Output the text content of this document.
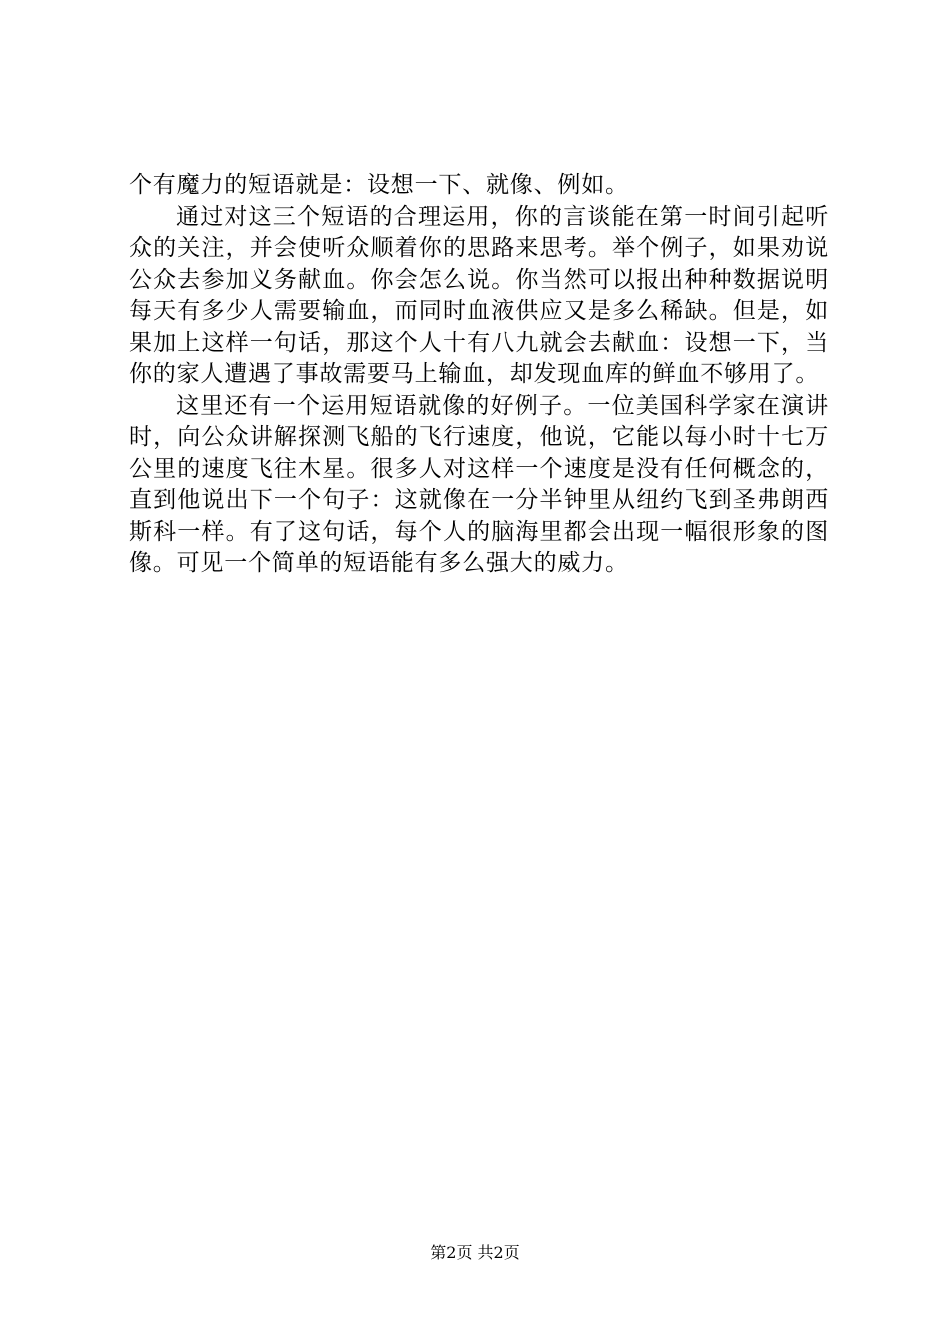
个有魔力的短语就是：设想一下、就像、例如。

通过对这三个短语的合理运用，你的言谈能在第一时间引起听众的关注，并会使听众顺着你的思路来思考。举个例子，如果劝说公众去参加义务献血。你会怎么说。你当然可以报出种种数据说明每天有多少人需要输血，而同时血液供应又是多么稀缺。但是，如果加上这样一句话，那这个人十有八九就会去献血：设想一下，当你的家人遭遇了事故需要马上输血，却发现血库的鲜血不够用了。

这里还有一个运用短语就像的好例子。一位美国科学家在演讲时，向公众讲解探测飞船的飞行速度，他说，它能以每小时十七万公里的速度飞往木星。很多人对这样一个速度是没有任何概念的，直到他说出下一个句子：这就像在一分半钟里从纽约飞到圣弗朗西斯科一样。有了这句话，每个人的脑海里都会出现一幅很形象的图像。可见一个简单的短语能有多么强大的威力。

第2页 共2页
